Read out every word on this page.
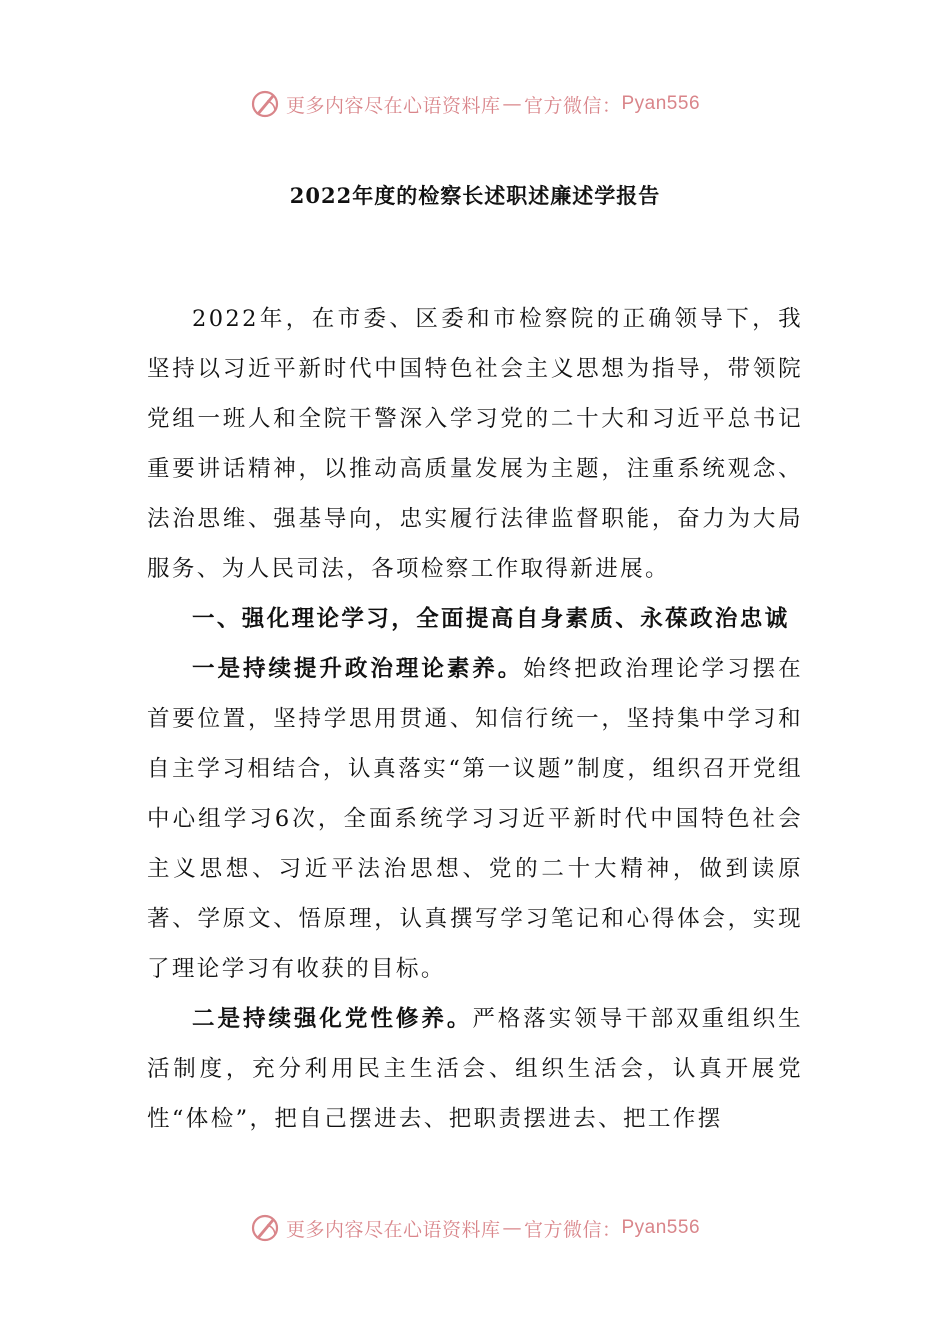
更多内容尽在心语资料库 — 官方微信： Pyan556
2022年度的检察长述职述廉述学报告

2022年，在市委、区委和市检察院的正确领导下，我坚持以习近平新时代中国特色社会主义思想为指导，带领院党组一班人和全院干警深入学习党的二十大和习近平总书记重要讲话精神，以推动高质量发展为主题，注重系统观念、法治思维、强基导向，忠实履行法律监督职能，奋力为大局服务、为人民司法，各项检察工作取得新进展。

一、强化理论学习，全面提高自身素质、永葆政治忠诚

一是持续提升政治理论素养。始终把政治理论学习摆在首要位置，坚持学思用贯通、知信行统一，坚持集中学习和自主学习相结合，认真落实“第一议题”制度，组织召开党组中心组学习6次，全面系统学习习近平新时代中国特色社会主义思想、习近平法治思想、党的二十大精神，做到读原著、学原文、悟原理，认真撰写学习笔记和心得体会，实现了理论学习有收获的目标。

二是持续强化党性修养。严格落实领导干部双重组织生活制度，充分利用民主生活会、组织生活会，认真开展党性“体检”，把自己摆进去、把职责摆进去、把工作摆

更多内容尽在心语资料库 — 官方微信： Pyan556
